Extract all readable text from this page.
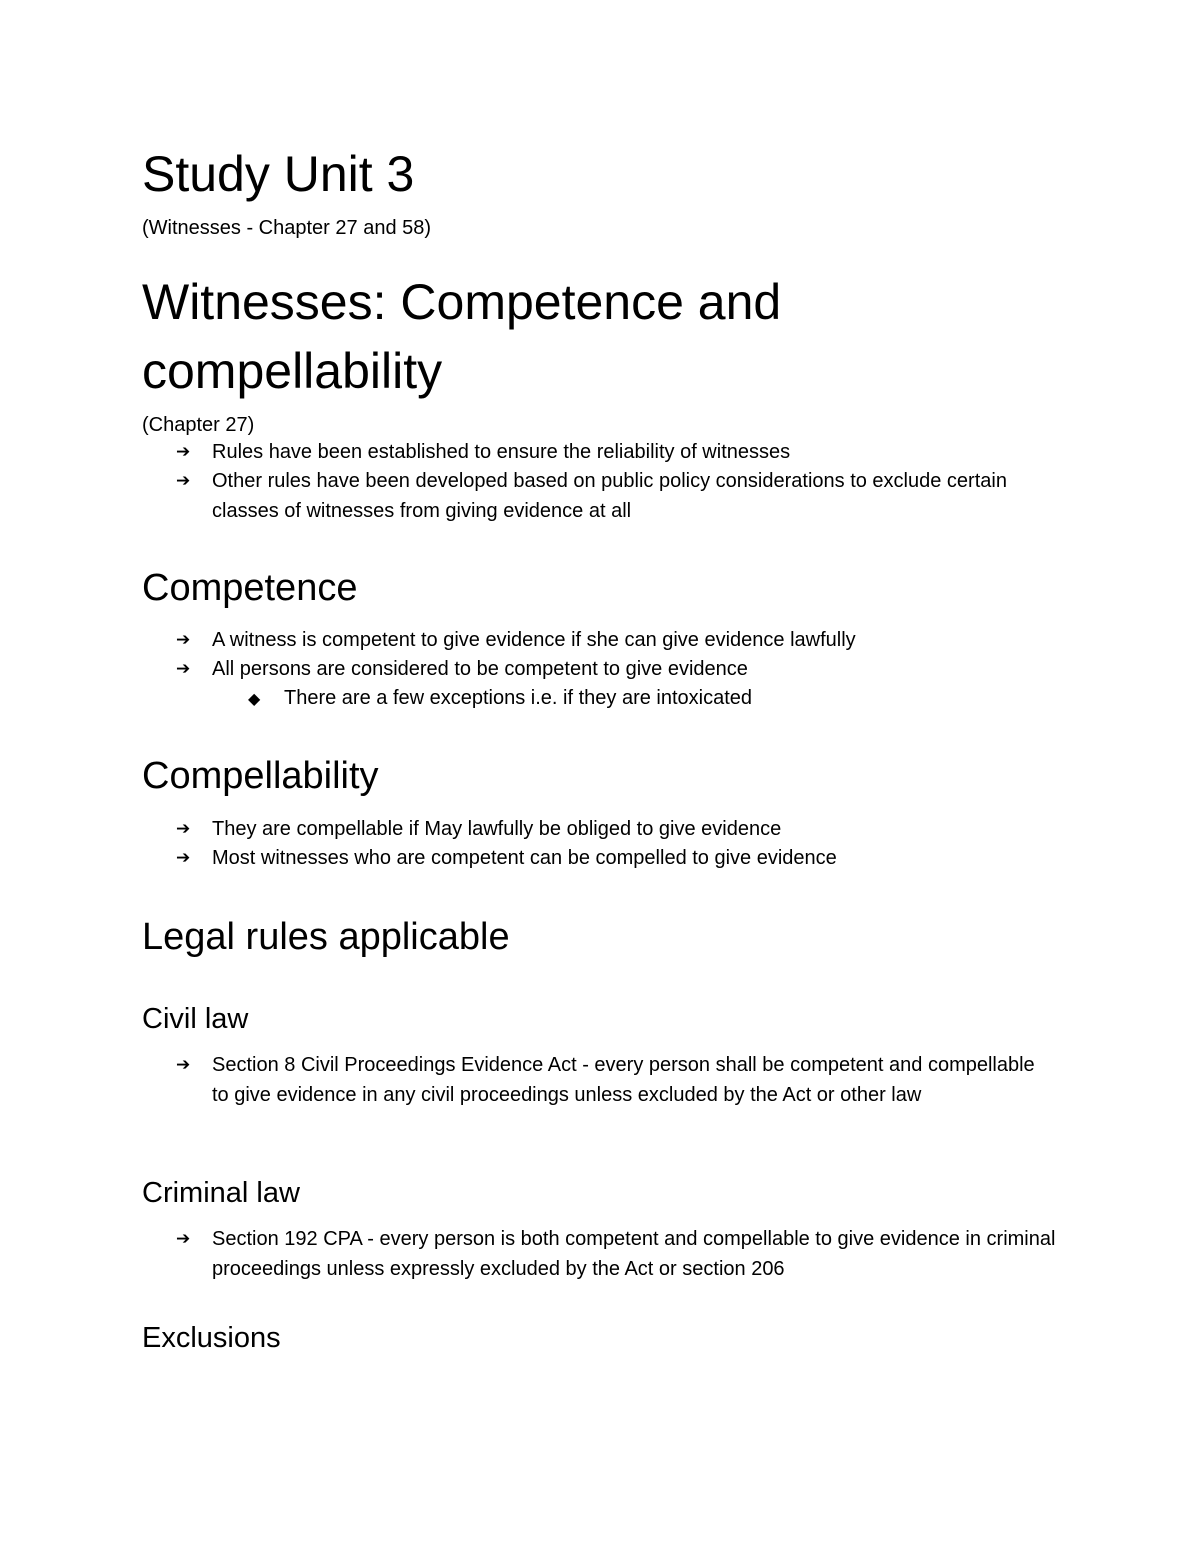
Study Unit 3
(Witnesses - Chapter 27 and 58)
Witnesses: Competence and
compellability
(Chapter 27)
➔	Rules have been established to ensure the reliability of witnesses
➔	Other rules have been developed based on public policy considerations to exclude certain classes of witnesses from giving evidence at all
Competence
➔	A witness is competent to give evidence if she can give evidence lawfully
➔	All persons are considered to be competent to give evidence
◆	There are a few exceptions i.e. if they are intoxicated
Compellability
➔	They are compellable if May lawfully be obliged to give evidence
➔	Most witnesses who are competent can be compelled to give evidence
Legal rules applicable
Civil law
➔	Section 8 Civil Proceedings Evidence Act - every person shall be competent and compellable to give evidence in any civil proceedings unless excluded by the Act or other law
Criminal law
➔	Section 192 CPA - every person is both competent and compellable to give evidence in criminal proceedings unless expressly excluded by the Act or section 206
Exclusions
